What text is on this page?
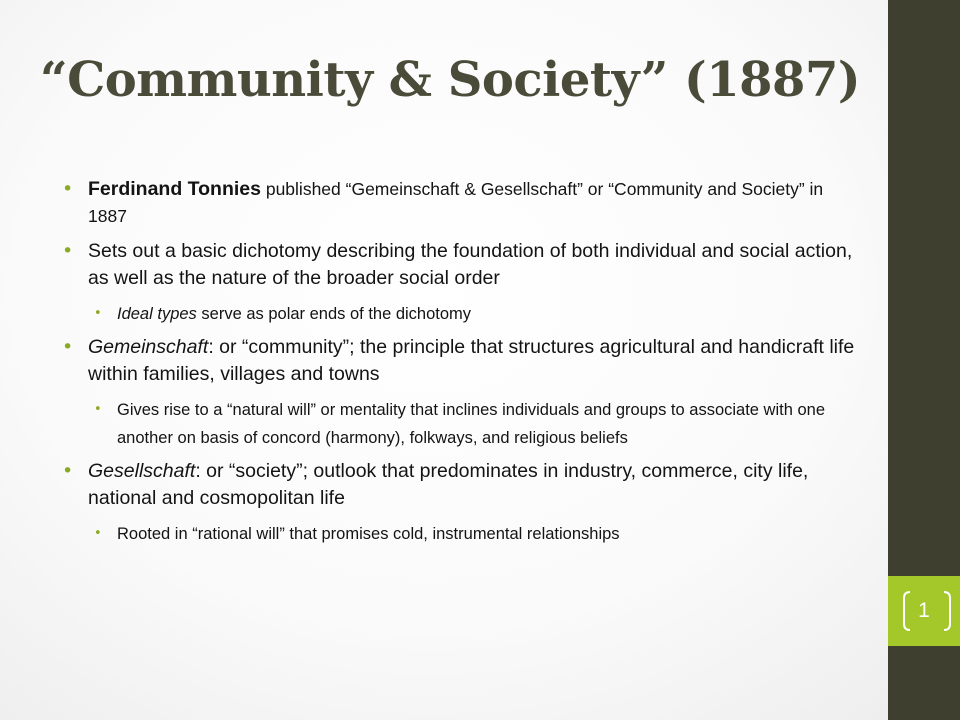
“Community & Society” (1887)
• Ferdinand Tonnies published “Gemeinschaft & Gesellschaft” or “Community and Society” in 1887
• Sets out a basic dichotomy describing the foundation of both individual and social action, as well as the nature of the broader social order
• Ideal types serve as polar ends of the dichotomy
• Gemeinschaft: or “community”; the principle that structures agricultural and handicraft life within families, villages and towns
• Gives rise to a “natural will” or mentality that inclines individuals and groups to associate with one another on basis of concord (harmony), folkways, and religious beliefs
• Gesellschaft: or “society”; outlook that predominates in industry, commerce, city life, national and cosmopolitan life
• Rooted in “rational will” that promises cold, instrumental relationships
1
